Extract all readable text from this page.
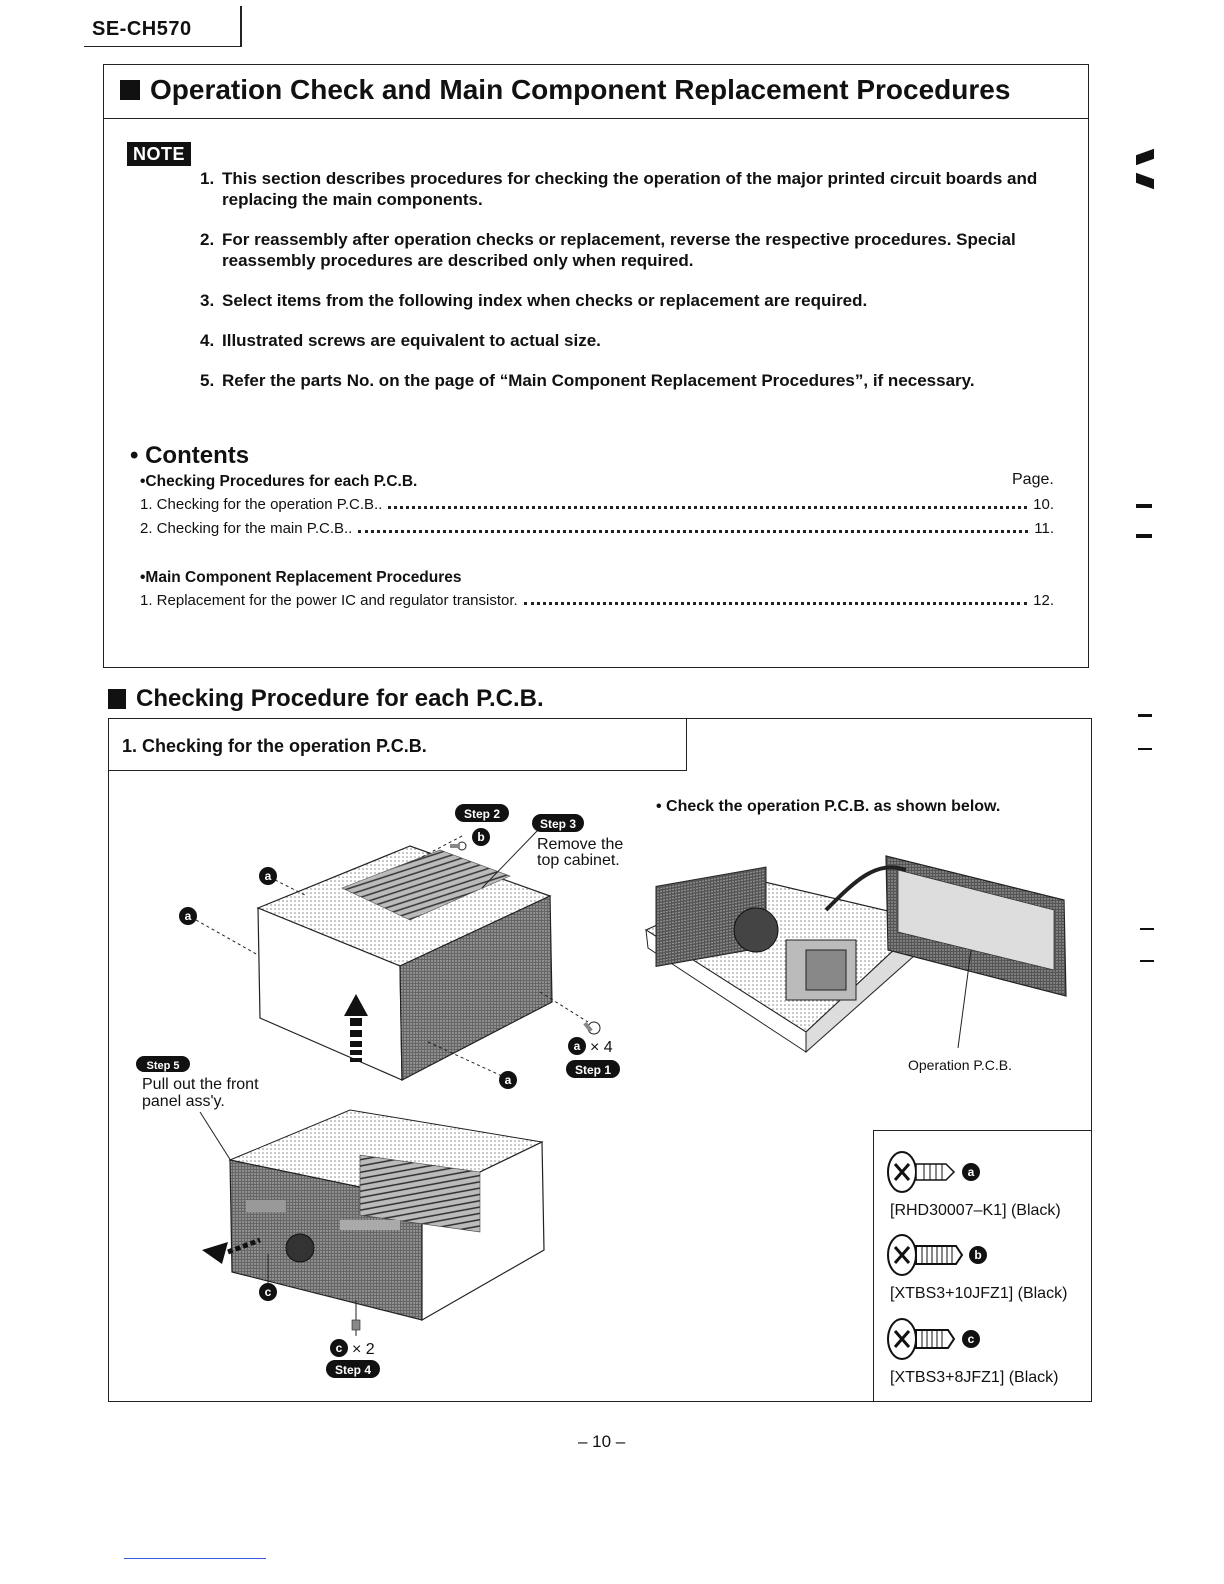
SE-CH570
Operation Check and Main Component Replacement Procedures
NOTE
1. This section describes procedures for checking the operation of the major printed circuit boards and replacing the main components.
2. For reassembly after operation checks or replacement, reverse the respective procedures. Special reassembly procedures are described only when required.
3. Select items from the following index when checks or replacement are required.
4. Illustrated screws are equivalent to actual size.
5. Refer the parts No. on the page of “Main Component Replacement Procedures”, if necessary.
• Contents
•Checking Procedures for each P.C.B.	Page.
1. Checking for the operation P.C.B..	10.
2. Checking for the main P.C.B..	11.
•Main Component Replacement Procedures
1. Replacement for the power IC and regulator transistor.	12.
Checking Procedure for each P.C.B.
1. Checking for the operation P.C.B.
• Check the operation P.C.B. as shown below.
a
a
b
a
a × 4
Step 2
Step 3
Step 1
Step 5
Step 4
Remove the
top cabinet.
Pull out the front
panel ass'y.
c
c × 2
Operation P.C.B.
a
[RHD30007–K1] (Black)
b
[XTBS3+10JFZ1] (Black)
c
[XTBS3+8JFZ1] (Black)
– 10 –
